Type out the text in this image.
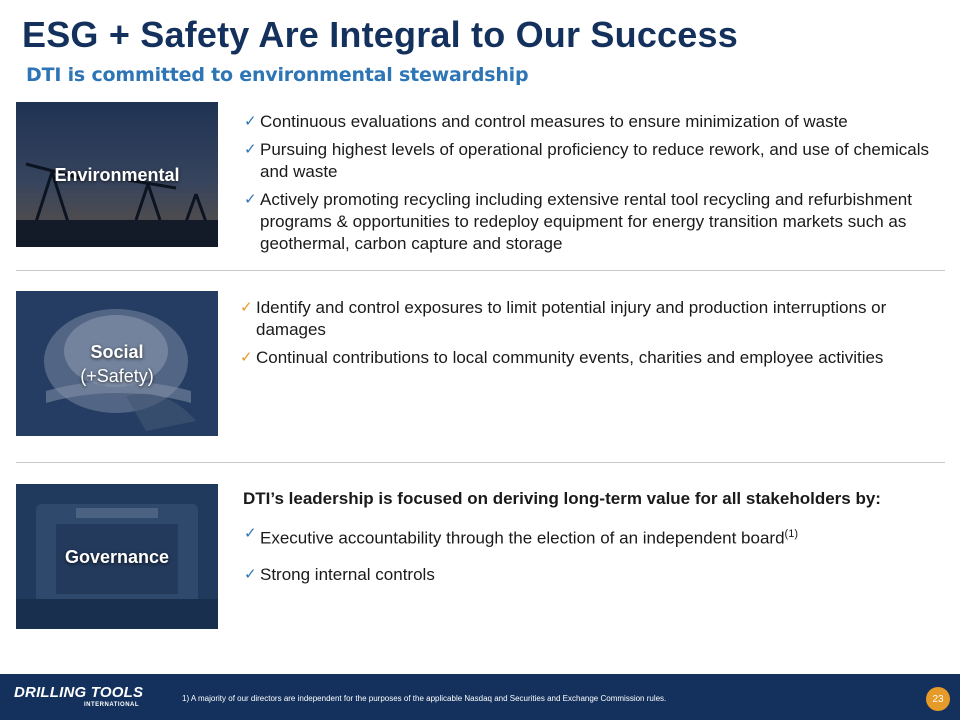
ESG + Safety Are Integral to Our Success
DTI is committed to environmental stewardship
Environmental
✓ Continuous evaluations and control measures to ensure minimization of waste
✓ Pursuing highest levels of operational proficiency to reduce rework, and use of chemicals and waste
✓ Actively promoting recycling including extensive rental tool recycling and refurbishment programs & opportunities to redeploy equipment for energy transition markets such as geothermal, carbon capture and storage
Social
(+Safety)
✓ Identify and control exposures to limit potential injury and production interruptions or damages
✓ Continual contributions to local community events, charities and employee activities
Governance

DTI’s leadership is focused on deriving long-term value for all stakeholders by:

✓ Executive accountability through the election of an independent board$^{(1)}$
✓ Strong internal controls
DRILLING TOOLS
INTERNATIONAL
1) A majority of our directors are independent for the purposes of the applicable Nasdaq and Securities and Exchange Commission rules.	23
